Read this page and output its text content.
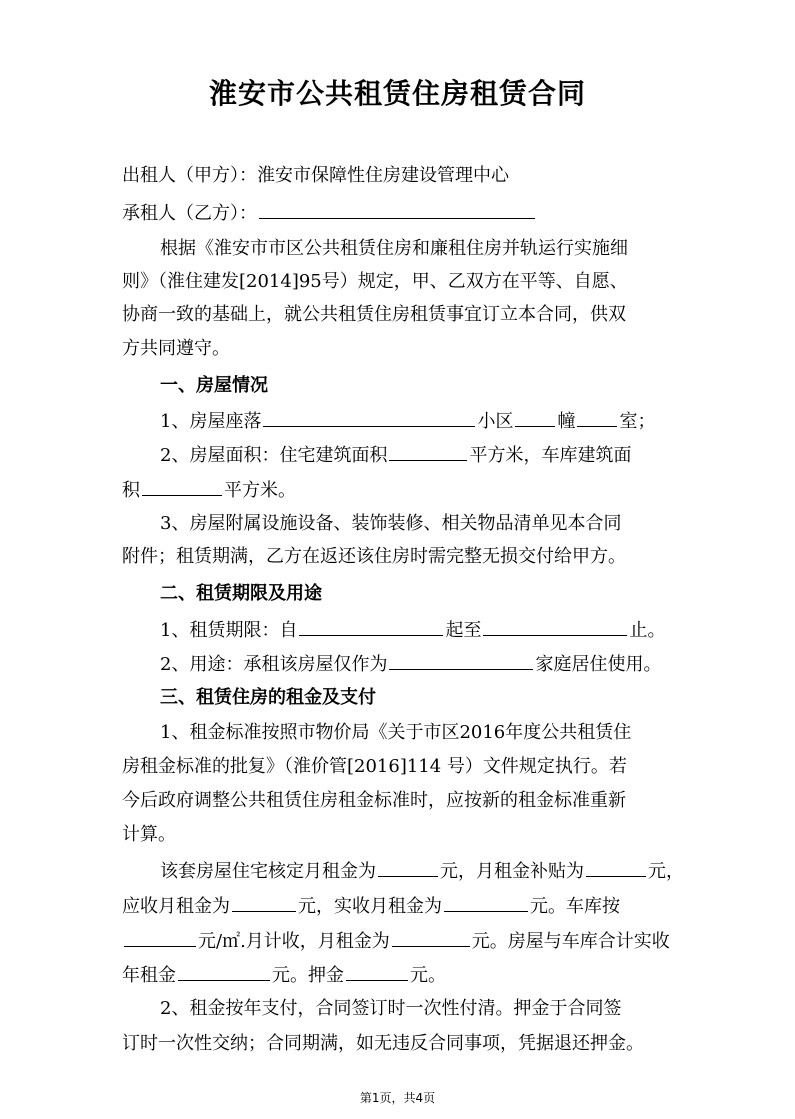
淮安市公共租赁住房租赁合同
出租人（甲方）：淮安市保障性住房建设管理中心
承租人（乙方）：
根据《淮安市市区公共租赁住房和廉租住房并轨运行实施细
则》（淮住建发[2014]95号）规定，甲、乙双方在平等、自愿、
协商一致的基础上，就公共租赁住房租赁事宜订立本合同，供双
方共同遵守。
一、房屋情况
1、房屋座落	小区 幢 室；
2、房屋面积：住宅建筑面积	平方米，车库建筑面
积	平方米。
3、房屋附属设施设备、装饰装修、相关物品清单见本合同
附件；租赁期满，乙方在返还该住房时需完整无损交付给甲方。
二、租赁期限及用途
1、租赁期限：自	起至	止。
2、用途：承租该房屋仅作为	家庭居住使用。
三、租赁住房的租金及支付
1、租金标准按照市物价局《关于市区2016年度公共租赁住
房租金标准的批复》（淮价管[2016]114 号）文件规定执行。若
今后政府调整公共租赁住房租金标准时，应按新的租金标准重新
计算。
该套房屋住宅核定月租金为	元，月租金补贴为	元，
应收月租金为	元，实收月租金为	元。车库按
元/㎡.月计收，月租金为	元。房屋与车库合计实收
年租金	元。押金	元。
2、租金按年支付，合同签订时一次性付清。押金于合同签
订时一次性交纳；合同期满，如无违反合同事项，凭据退还押金。
第1页，共4页
